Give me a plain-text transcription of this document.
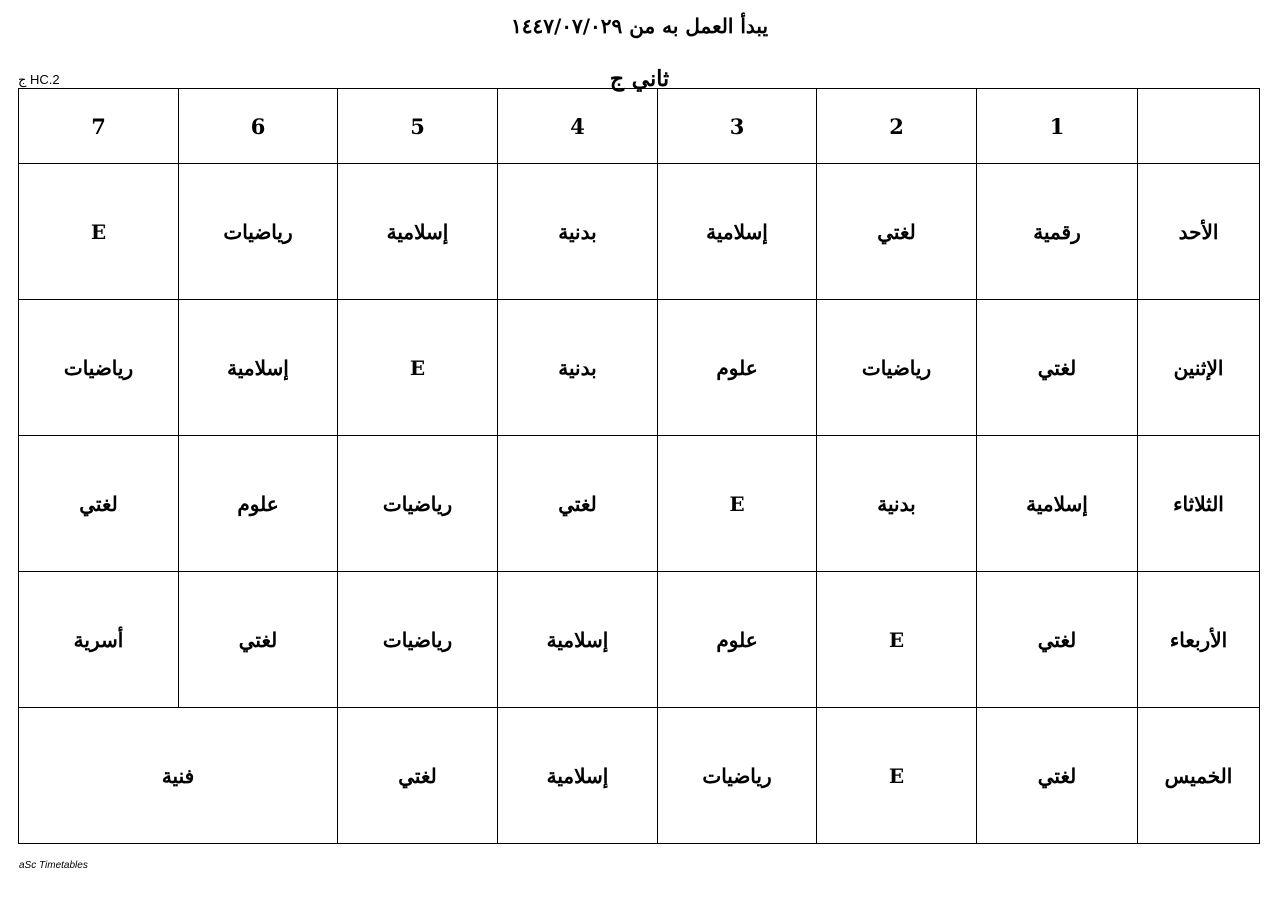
يبدأ العمل به من ١٤٤٧/٠٧/٠٢٩
ج HC.2	ثاني ج
7	6	5	4	3	2	1	
E	رياضيات	إسلامية	بدنية	إسلامية	لغتي	رقمية	الأحد
رياضيات	إسلامية	E	بدنية	علوم	رياضيات	لغتي	الإثنين
لغتي	علوم	رياضيات	لغتي	E	بدنية	إسلامية	الثلاثاء
أسرية	لغتي	رياضيات	إسلامية	علوم	E	لغتي	الأربعاء
فنية		لغتي	إسلامية	رياضيات	E	لغتي	الخميس
aSc Timetables
